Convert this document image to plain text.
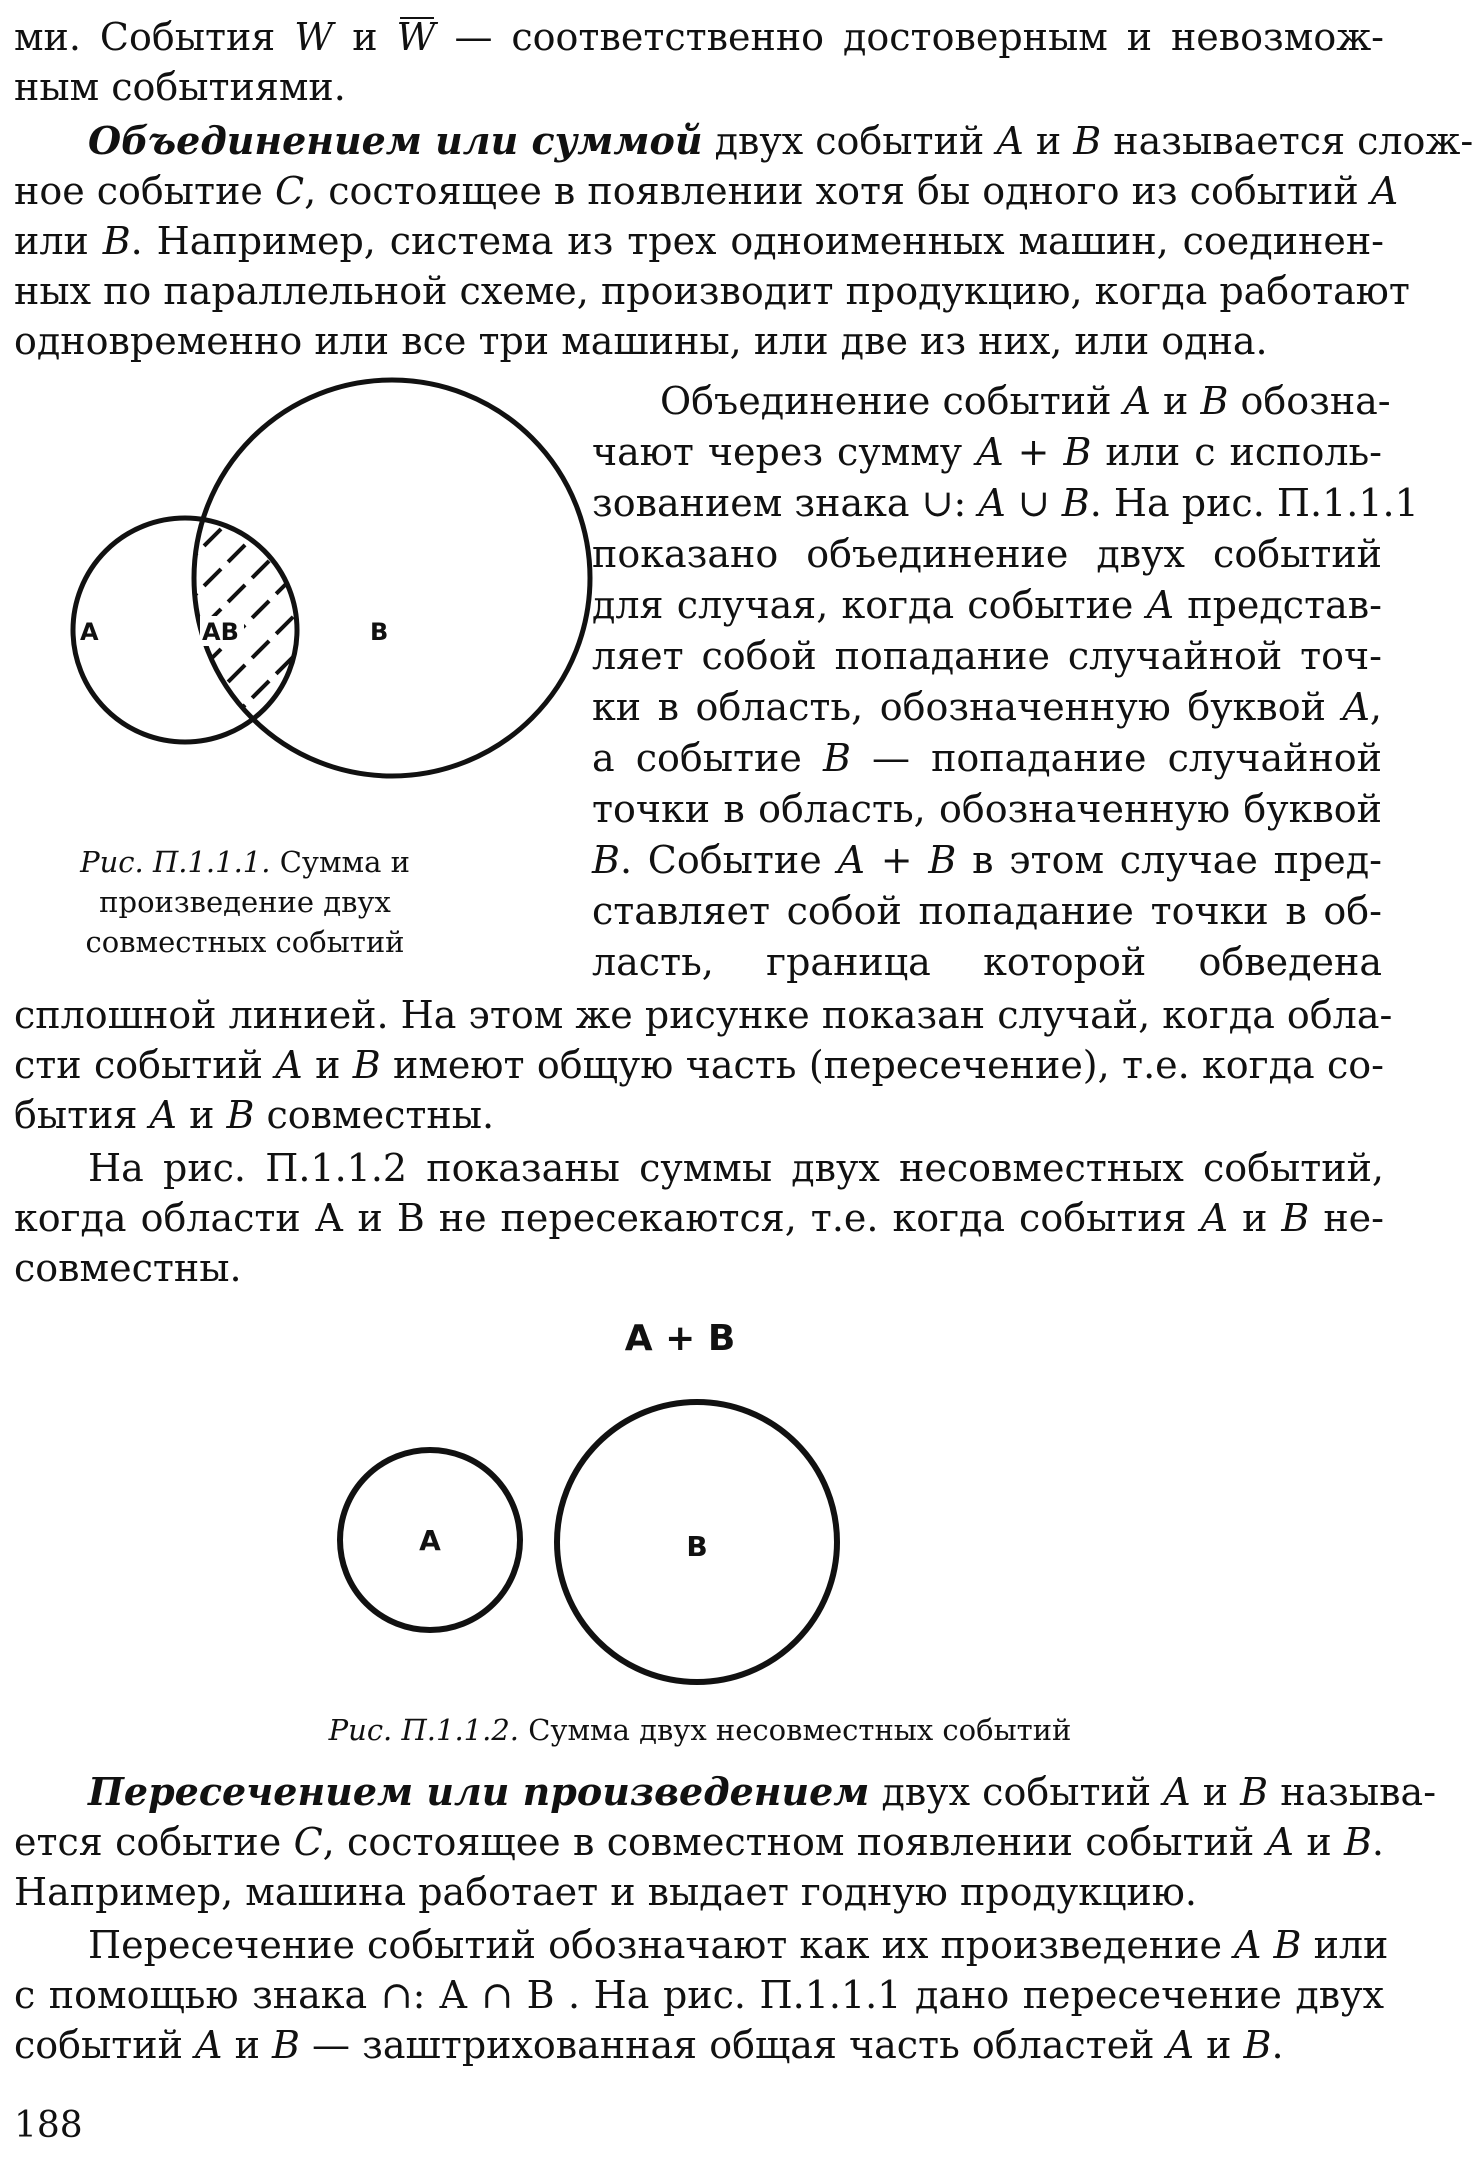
ми. События W и W — соответственно достоверным и невозмож-
ным событиями.
Объединением или суммой двух событий A и B называется слож-
ное событие C, состоящее в появлении хотя бы одного из событий A
или B. Например, система из трех одноименных машин, соединен-
ных по параллельной схеме, производит продукцию, когда работают
одновременно или все три машины, или две из них, или одна.
A	AB	B
Рис. П.1.1.1. Сумма и
произведение двух
совместных событий
Объединение событий A и B обозна-
чают через сумму A + B или с исполь-
зованием знака ∪: A ∪ B. На рис. П.1.1.1
показано объединение двух событий
для случая, когда событие A представ-
ляет собой попадание случайной точ-
ки в область, обозначенную буквой A,
а событие B — попадание случайной
точки в область, обозначенную буквой
B. Событие A + B в этом случае пред-
ставляет собой попадание точки в об-
ласть, граница которой обведена
сплошной линией. На этом же рисунке показан случай, когда обла-
сти событий A и B имеют общую часть (пересечение), т.е. когда со-
бытия A и B совместны.
На рис. П.1.1.2 показаны суммы двух несовместных событий,
когда области А и В не пересекаются, т.е. когда события A и B не-
совместны.
A + B
A	B
Рис. П.1.1.2. Сумма двух несовместных событий
Пересечением или произведением двух событий A и B называ-
ется событие C, состоящее в совместном появлении событий A и B.
Например, машина работает и выдает годную продукцию.
Пересечение событий обозначают как их произведение A B или
с помощью знака ∩: А ∩ В . На рис. П.1.1.1 дано пересечение двух
событий A и B — заштрихованная общая часть областей A и B.
188
